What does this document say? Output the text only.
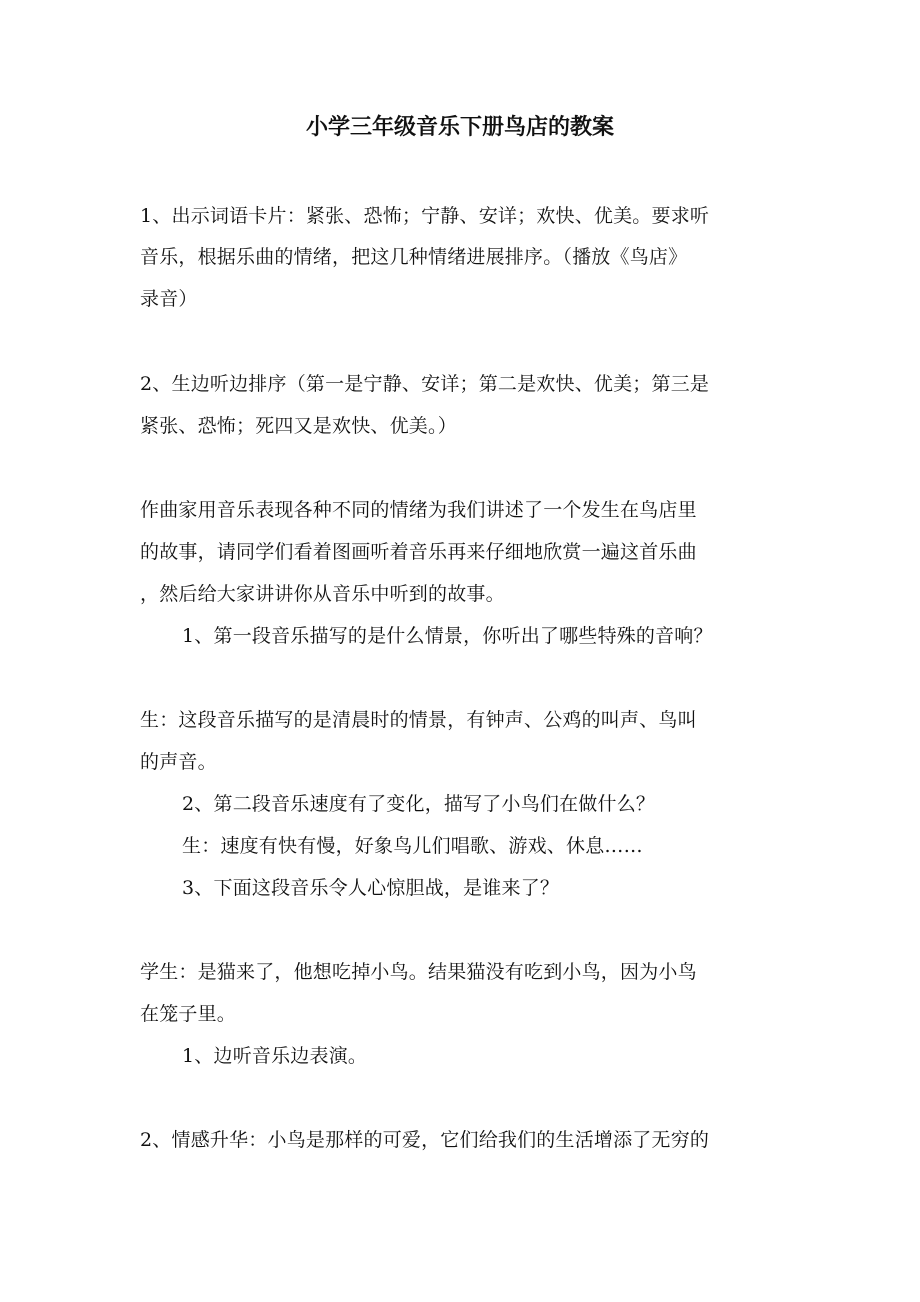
小学三年级音乐下册鸟店的教案
1、出示词语卡片：紧张、恐怖；宁静、安详；欢快、优美。要求听
音乐，根据乐曲的情绪，把这几种情绪进展排序。（播放《鸟店》
录音）
2、生边听边排序（第一是宁静、安详；第二是欢快、优美；第三是
紧张、恐怖；死四又是欢快、优美。）
作曲家用音乐表现各种不同的情绪为我们讲述了一个发生在鸟店里
的故事，请同学们看着图画听着音乐再来仔细地欣赏一遍这首乐曲
，然后给大家讲讲你从音乐中听到的故事。
1、第一段音乐描写的是什么情景，你听出了哪些特殊的音响？
生：这段音乐描写的是清晨时的情景，有钟声、公鸡的叫声、鸟叫
的声音。
2、第二段音乐速度有了变化，描写了小鸟们在做什么？
生：速度有快有慢，好象鸟儿们唱歌、游戏、休息……
3、下面这段音乐令人心惊胆战，是谁来了？
学生：是猫来了，他想吃掉小鸟。结果猫没有吃到小鸟，因为小鸟
在笼子里。
1、边听音乐边表演。
2、情感升华：小鸟是那样的可爱，它们给我们的生活增添了无穷的
